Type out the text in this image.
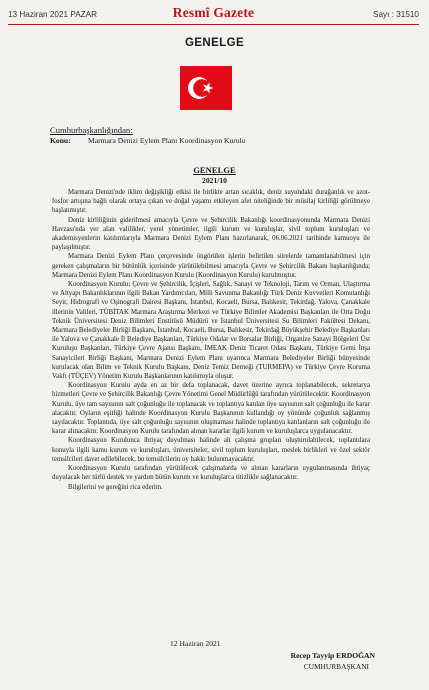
13 Haziran 2021 PAZAR	Resmî Gazete	Sayı : 31510
GENELGE
Cumhurbaşkanlığından:
Konu: Marmara Denizi Eylem Planı Koordinasyon Kurulu
GENELGE
2021/10

Marmara Denizi'nde iklim değişikliği etkisi ile birlikte artan sıcaklık, deniz suyundaki durağanlık ve azot-fosfor artışına bağlı olarak ortaya çıkan ve doğal yaşamı etkileyen afet niteliğinde bir müsilaj kirliliği görülmeye başlanmıştır.

Deniz kirliliğinin giderilmesi amacıyla Çevre ve Şehircilik Bakanlığı koordinasyonunda Marmara Denizi Havzası'nda yer alan valilikler, yerel yönetimler, ilgili kurum ve kuruluşlar, sivil toplum kuruluşları ve akademisyenlerin katılımlarıyla Marmara Denizi Eylem Planı hazırlanarak, 06.06.2021 tarihinde kamuoyu ile paylaşılmıştır.

Marmara Denizi Eylem Planı çerçevesinde öngörülen işlerin belirtilen sürelerde tamamlanabilmesi için gereken çalışmaların bir bütünlük içerisinde yürütülebilmesi amacıyla Çevre ve Şehircilik Bakanı başkanlığında; Marmara Denizi Eylem Planı Koordinasyon Kurulu (Koordinasyon Kurulu) kurulmuştur.

Koordinasyon Kurulu; Çevre ve Şehircilik, İçişleri, Sağlık, Sanayi ve Teknoloji, Tarım ve Orman, Ulaştırma ve Altyapı Bakanlıklarının ilgili Bakan Yardımcıları, Milli Savunma Bakanlığı Türk Deniz Kuvvetleri Komutanlığı Seyir, Hidrografi ve Oşinografi Dairesi Başkanı, İstanbul, Kocaeli, Bursa, Balıkesir, Tekirdağ, Yalova, Çanakkale illerinin Valileri, TÜBİTAK Marmara Araştırma Merkezi ve Türkiye Bilimler Akademisi Başkanları ile Orta Doğu Teknik Üniversitesi Deniz Bilimleri Enstitüsü Müdürü ve İstanbul Üniversitesi Su Bilimleri Fakültesi Dekanı, Marmara Belediyeler Birliği Başkanı, İstanbul, Kocaeli, Bursa, Balıkesir, Tekirdağ Büyükşehir Belediye Başkanları ile Yalova ve Çanakkale İl Belediye Başkanları, Türkiye Odalar ve Borsalar Birliği, Organize Sanayi Bölgeleri Üst Kuruluşu Başkanları, Türkiye Çevre Ajansı Başkanı, İMEAK Deniz Ticaret Odası Başkanı, Türkiye Gemi İnşa Sanayicileri Birliği Başkanı, Marmara Denizi Eylem Planı uyarınca Marmara Belediyeler Birliği bünyesinde kurulacak olan Bilim ve Teknik Kurulu Başkanı, Deniz Temiz Derneği (TURMEPA) ve Türkiye Çevre Koruma Vakfı (TÜÇEV) Yönetim Kurulu Başkanlarının katılımıyla oluşur.

Koordinasyon Kurulu ayda en az bir defa toplanacak, davet üzerine ayrıca toplanabilecek, sekretarya hizmetleri Çevre ve Şehircilik Bakanlığı Çevre Yönetimi Genel Müdürlüğü tarafından yürütülecektir. Koordinasyon Kurulu, üye tam sayısının salt çoğunluğu ile toplanacak ve toplantıya katılan üye sayısının salt çoğunluğu ile karar alacaktır. Oyların eşitliği halinde Koordinasyon Kurulu Başkanının kullandığı oy yönünde çoğunluk sağlanmış sayılacaktır. Toplantıda, üye salt çoğunluğu sayısının oluşmaması halinde toplantıya katılanların salt çoğunluğu ile karar alınacaktır. Koordinasyon Kurulu tarafından alınan kararlar ilgili kurum ve kuruluşlarca uygulanacaktır.

Koordinasyon Kurulunca ihtiyaç duyulması halinde alt çalışma grupları oluşturulabilecek, toplantılara konuyla ilgili kamu kurum ve kuruluşları, üniversiteler, sivil toplum kuruluşları, meslek birlikleri ve özel sektör temsilcileri davet edilebilecek, bu temsilcilerin oy hakkı bulunmayacaktır.

Koordinasyon Kurulu tarafından yürütülecek çalışmalarda ve alınan kararların uygulanmasında ihtiyaç duyulacak her türlü destek ve yardım bütün kurum ve kuruluşlarca titizlikle sağlanacaktır.

Bilgilerini ve gereğini rica ederim.

12 Haziran 2021
Recep Tayyip ERDOĞAN
CUMHURBAŞKANI
